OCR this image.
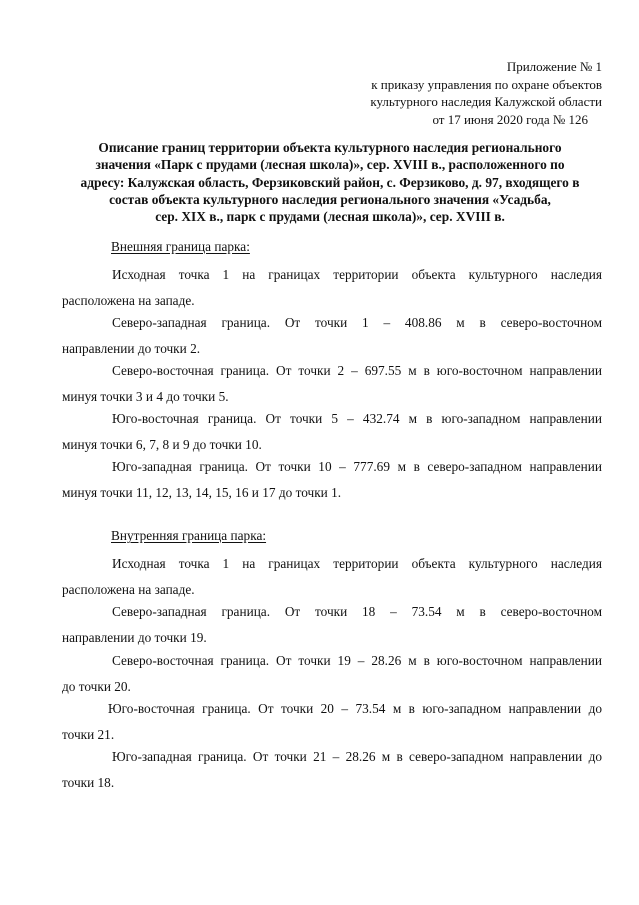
Приложение № 1
к приказу управления по охране объектов
культурного наследия Калужской области
от 17 июня 2020 года № 126
Описание границ территории объекта культурного наследия регионального
значения «Парк с прудами (лесная школа)», сер. XVIII в., расположенного по
адресу: Калужская область, Ферзиковский район, с. Ферзиково, д. 97, входящего в
состав объекта культурного наследия регионального значения «Усадьба,
сер. XIX в., парк с прудами (лесная школа)», сер. XVIII в.
Внешняя граница парка:
Исходная точка 1 на границах территории объекта культурного наследия
расположена на западе.
Северо-западная граница. От точки 1 – 408.86 м в северо-восточном
направлении до точки 2.
Северо-восточная граница. От точки 2 – 697.55 м в юго-восточном направлении
минуя точки 3 и 4 до точки 5.
Юго-восточная граница. От точки 5 – 432.74 м в юго-западном направлении
минуя точки 6, 7, 8 и 9 до точки 10.
Юго-западная граница. От точки 10 – 777.69 м в северо-западном направлении
минуя точки 11, 12, 13, 14, 15, 16 и 17 до точки 1.
Внутренняя граница парка:
Исходная точка 1 на границах территории объекта культурного наследия
расположена на западе.
Северо-западная граница. От точки 18 – 73.54 м в северо-восточном
направлении до точки 19.
Северо-восточная граница. От точки 19 – 28.26 м в юго-восточном направлении
до точки 20.
Юго-восточная граница. От точки 20 – 73.54 м в юго-западном направлении до
точки 21.
Юго-западная граница. От точки 21 – 28.26 м в северо-западном направлении до
точки 18.
